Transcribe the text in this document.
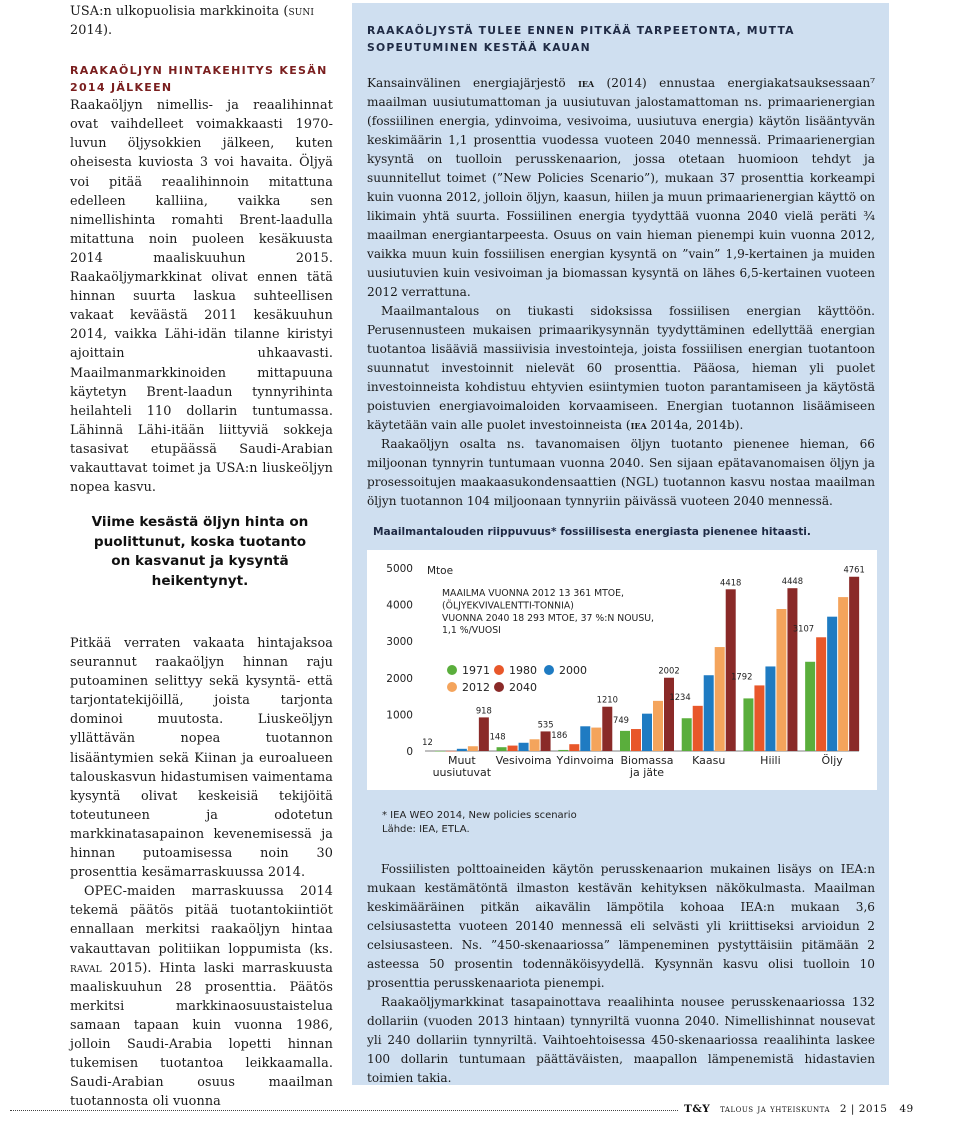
USA:n ulkopuolisia markkinoita (suni
2014).

RAAKAÖLJYN HINTAKEHITYS KESÄN 2014 JÄLKEEN

Raakaöljyn nimellis- ja reaalihinnat ovat vaihdelleet voimakkaasti 1970-luvun öljysokkien jälkeen, kuten oheisesta kuviosta 3 voi havaita. Öljyä voi pitää reaalihinnoin mitattuna edelleen kalliina, vaikka sen nimellishinta romahti Brent-laadulla mitattuna noin puoleen kesäkuusta 2014 maaliskuuhun 2015. Raakaöljymarkkinat olivat ennen tätä hinnan suurta laskua suhteellisen vakaat keväästä 2011 kesäkuuhun 2014, vaikka Lähi-idän tilanne kiristyi ajoittain uhkaavasti. Maailmanmarkkinoiden mittapuuna käytetyn Brent-laadun tynnyrihinta heilahteli 110 dollarin tuntumassa. Lähinnä Lähi-itään liittyviä sokkeja tasasivat etupäässä Saudi-Arabian vakauttavat toimet ja USA:n liuskeöljyn nopea kasvu.

Viime kesästä öljyn hinta on puolittunut, koska tuotanto on kasvanut ja kysyntä heikentynyt.

Pitkää verraten vakaata hintajaksoa seurannut raakaöljyn hinnan raju putoaminen selittyy sekä kysyntä- että tarjontatekijöillä, joista tarjonta dominoi muutosta. Liuskeöljyn yllättävän nopea tuotannon lisääntymien sekä Kiinan ja euroalueen talouskasvun hidastumisen vaimentama kysyntä olivat keskeisiä tekijöitä toteutuneen ja odotetun markkinatasapainon kevenemisessä ja hinnan putoamisessa noin 30 prosenttia kesämarraskuussa 2014.

OPEC-maiden marraskuussa 2014 tekemä päätös pitää tuotantokiintiöt ennallaan merkitsi raakaöljyn hintaa vakauttavan politiikan loppumista (ks. raval 2015). Hinta laski marraskuusta maaliskuuhun 28 prosenttia. Päätös merkitsi markkinaosuustaistelua samaan tapaan kuin vuonna 1986, jolloin Saudi-Arabia lopetti hinnan tukemisen tuotantoa leikkaamalla. Saudi-Arabian osuus maailman tuotannosta oli vuonna

RAAKAÖLJYSTÄ TULEE ENNEN PITKÄÄ TARPEETONTA, MUTTA SOPEUTUMINEN KESTÄÄ KAUAN

Kansainvälinen energiajärjestö iea (2014) ennustaa energiakatsauksessaan⁷ maailman uusiutumattoman ja uusiutuvan jalostamattoman ns. primaarienergian (fossiilinen energia, ydinvoima, vesivoima, uusiutuva energia) käytön lisääntyvän keskimäärin 1,1 prosenttia vuodessa vuoteen 2040 mennessä. Primaarienergian kysyntä on tuolloin perusskenaarion, jossa otetaan huomioon tehdyt ja suunnitellut toimet (”New Policies Scenario”), mukaan 37 prosenttia korkeampi kuin vuonna 2012, jolloin öljyn, kaasun, hiilen ja muun primaarienergian käyttö on likimain yhtä suurta. Fossiilinen energia tyydyttää vuonna 2040 vielä peräti ¾ maailman energiantarpeesta. Osuus on vain hieman pienempi kuin vuonna 2012, vaikka muun kuin fossiilisen energian kysyntä on ”vain” 1,9-kertainen ja muiden uusiutuvien kuin vesivoiman ja biomassan kysyntä on lähes 6,5-kertainen vuoteen 2012 verrattuna.

Maailmantalous on tiukasti sidoksissa fossiilisen energian käyttöön. Perusennusteen mukaisen primaarikysynnän tyydyttäminen edellyttää energian tuotantoa lisääviä massiivisia investointeja, joista fossiilisen energian tuotantoon suunnatut investoinnit nielevät 60 prosenttia. Pääosa, hieman yli puolet investoinneista kohdistuu ehtyvien esiintymien tuoton parantamiseen ja käytöstä poistuvien energiavoimaloiden korvaamiseen. Energian tuotannon lisäämiseen käytetään vain alle puolet investoinneista (iea 2014a, 2014b).

Raakaöljyn osalta ns. tavanomaisen öljyn tuotanto pienenee hieman, 66 miljoonan tynnyrin tuntumaan vuonna 2040. Sen sijaan epätavanomaisen öljyn ja prosessoitujen maakaasukondensaattien (NGL) tuotannon kasvu nostaa maailman öljyn tuotannon 104 miljoonaan tynnyriin päivässä vuoteen 2040 mennessä.

Maailmantalouden riippuvuus* fossiilisesta energiasta pienenee hitaasti.
0
1000
2000
3000
4000
5000 Mtoe
MAAILMA VUONNA 2012 13 361 MTOE,
(ÖLJYEKVIVALENTTI-TONNIA)
VUONNA 2040 18 293 MTOE, 37 %:N NOUSU,
1,1 %/VUOSI
1971 1980 2000
2012 2040
12
918
148
535
186
1210
749
2002
1234
4418
1792
4448
3107
4761
Muut
uusiutuvat
Vesivoima Ydinvoima Biomassa
ja jäte
Kaasu	Hiili	Öljy
* IEA WEO 2014, New policies scenario
Lähde: IEA, ETLA.

Fossiilisten polttoaineiden käytön perusskenaarion mukainen lisäys on IEA:n mukaan kestämätöntä ilmaston kestävän kehityksen näkökulmasta. Maailman keskimääräinen pitkän aikavälin lämpötila kohoaa IEA:n mukaan 3,6 celsiusastetta vuoteen 20140 mennessä eli selvästi yli kriittiseksi arvioidun 2 celsiusasteen. Ns. ”450-skenaariossa” lämpeneminen pystyttäisiin pitämään 2 asteessa 50 prosentin todennäköisyydellä. Kysynnän kasvu olisi tuolloin 10 prosenttia perusskenaariota pienempi.

Raakaöljymarkkinat tasapainottava reaalihinta nousee perusskenaariossa 132 dollariin (vuoden 2013 hintaan) tynnyriltä vuonna 2040. Nimellishinnat nousevat yli 240 dollariin tynnyriltä. Vaihtoehtoisessa 450-skenaariossa reaalihinta laskee 100 dollarin tuntumaan päättäväisten, maapallon lämpenemistä hidastavien toimien takia.

T&Y talous ja yhteiskunta 2 | 2015 49
